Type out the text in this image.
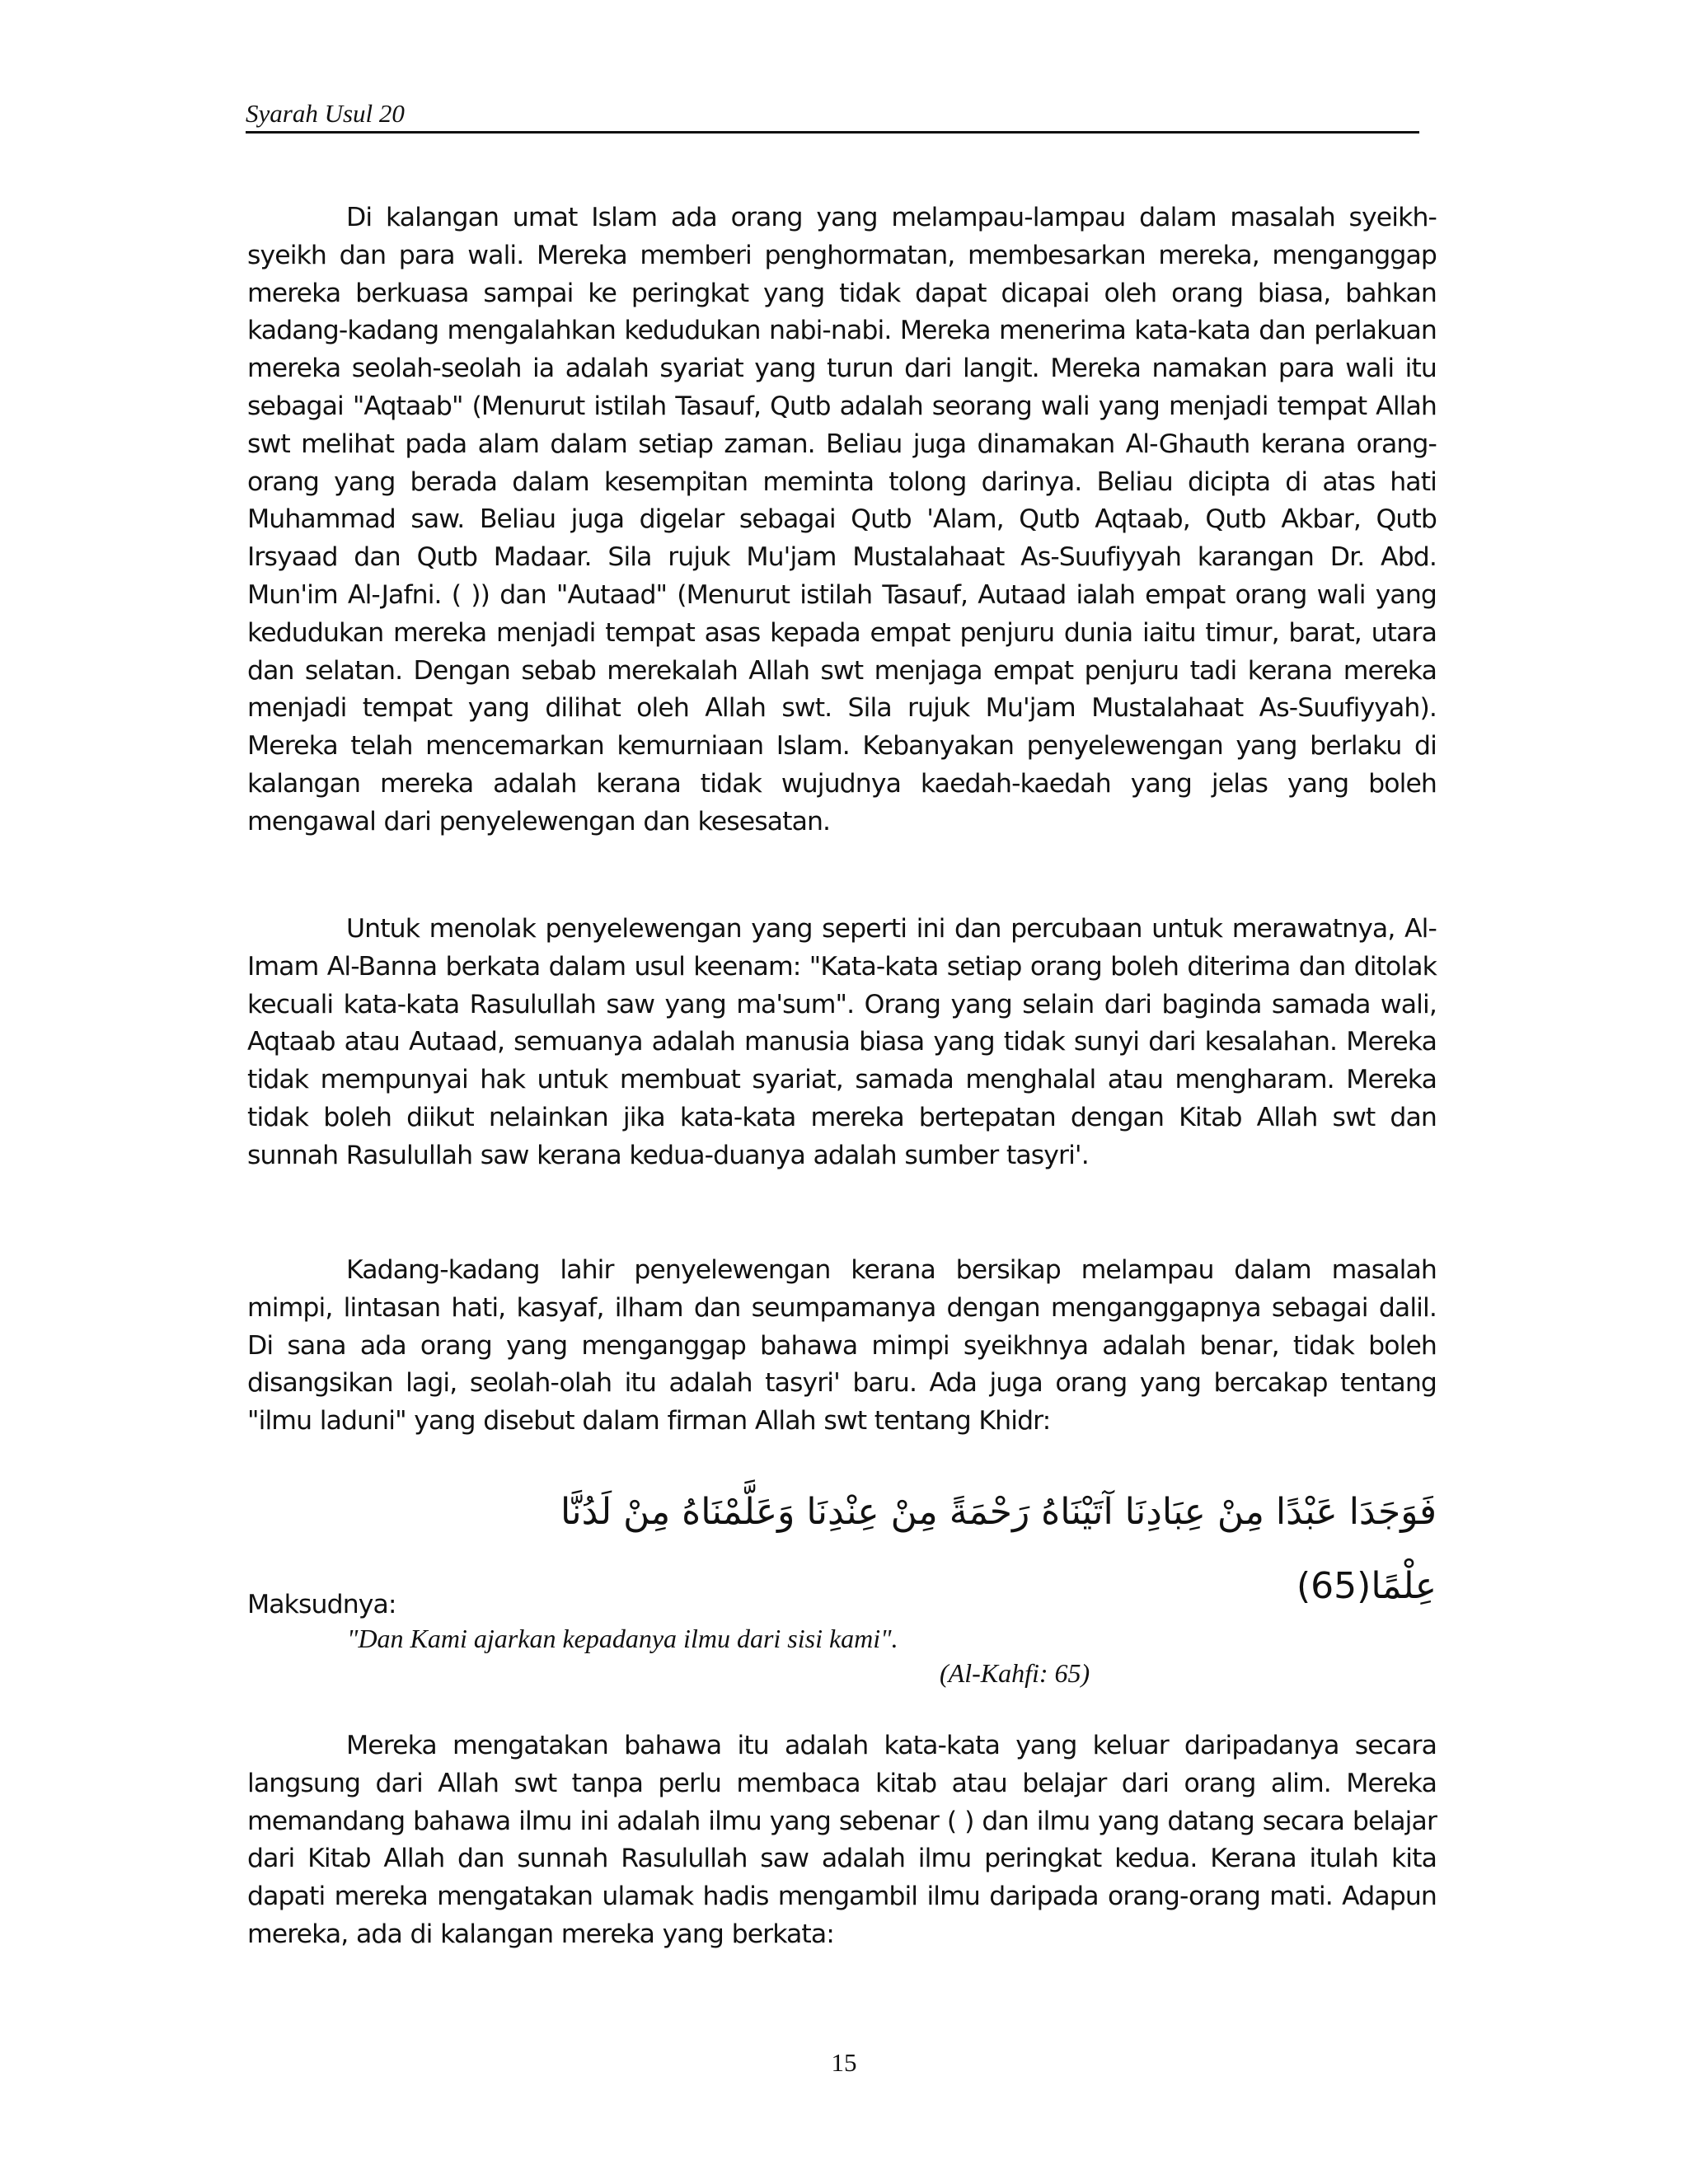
Syarah Usul 20

Di kalangan umat Islam ada orang yang melampau-lampau dalam masalah syeikh-syeikh dan para wali. Mereka memberi penghormatan, membesarkan mereka, menganggap mereka berkuasa sampai ke peringkat yang tidak dapat dicapai oleh orang biasa, bahkan kadang-kadang mengalahkan kedudukan nabi-nabi. Mereka menerima kata-kata dan perlakuan mereka seolah-seolah ia adalah syariat yang turun dari langit. Mereka namakan para wali itu sebagai "Aqtaab" (Menurut istilah Tasauf, Qutb adalah seorang wali yang menjadi tempat Allah swt melihat pada alam dalam setiap zaman. Beliau juga dinamakan Al-Ghauth kerana orang-orang yang berada dalam kesempitan meminta tolong darinya. Beliau dicipta di atas hati Muhammad saw. Beliau juga digelar sebagai Qutb 'Alam, Qutb Aqtaab, Qutb Akbar, Qutb Irsyaad dan Qutb Madaar. Sila rujuk Mu'jam Mustalahaat As-Suufiyyah karangan Dr. Abd. Mun'im Al-Jafni. ( )) dan "Autaad" (Menurut istilah Tasauf, Autaad ialah empat orang wali yang kedudukan mereka menjadi tempat asas kepada empat penjuru dunia iaitu timur, barat, utara dan selatan. Dengan sebab merekalah Allah swt menjaga empat penjuru tadi kerana mereka menjadi tempat yang dilihat oleh Allah swt. Sila rujuk Mu'jam Mustalahaat As-Suufiyyah). Mereka telah mencemarkan kemurniaan Islam. Kebanyakan penyelewengan yang berlaku di kalangan mereka adalah kerana tidak wujudnya kaedah-kaedah yang jelas yang boleh mengawal dari penyelewengan dan kesesatan.

Untuk menolak penyelewengan yang seperti ini dan percubaan untuk merawatnya, Al-Imam Al-Banna berkata dalam usul keenam: "Kata-kata setiap orang boleh diterima dan ditolak kecuali kata-kata Rasulullah saw yang ma'sum". Orang yang selain dari baginda samada wali, Aqtaab atau Autaad, semuanya adalah manusia biasa yang tidak sunyi dari kesalahan. Mereka tidak mempunyai hak untuk membuat syariat, samada menghalal atau mengharam. Mereka tidak boleh diikut nelainkan jika kata-kata mereka bertepatan dengan Kitab Allah swt dan sunnah Rasulullah saw kerana kedua-duanya adalah sumber tasyri'.

Kadang-kadang lahir penyelewengan kerana bersikap melampau dalam masalah mimpi, lintasan hati, kasyaf, ilham dan seumpamanya dengan menganggapnya sebagai dalil. Di sana ada orang yang menganggap bahawa mimpi syeikhnya adalah benar, tidak boleh disangsikan lagi, seolah-olah itu adalah tasyri' baru. Ada juga orang yang bercakap tentang "ilmu laduni" yang disebut dalam firman Allah swt tentang Khidr:

فَوَجَدَا عَبْدًا مِنْ عِبَادِنَا آتَيْنَاهُ رَحْمَةً مِنْ عِنْدِنَا وَعَلَّمْنَاهُ مِنْ لَدُنَّا عِلْمًا(65)
Maksudnya:
"Dan Kami ajarkan kepadanya ilmu dari sisi kami".
(Al-Kahfi: 65)

Mereka mengatakan bahawa itu adalah kata-kata yang keluar daripadanya secara langsung dari Allah swt tanpa perlu membaca kitab atau belajar dari orang alim. Mereka memandang bahawa ilmu ini adalah ilmu yang sebenar ( ) dan ilmu yang datang secara belajar dari Kitab Allah dan sunnah Rasulullah saw adalah ilmu peringkat kedua. Kerana itulah kita dapati mereka mengatakan ulamak hadis mengambil ilmu daripada orang-orang mati. Adapun mereka, ada di kalangan mereka yang berkata:

15
